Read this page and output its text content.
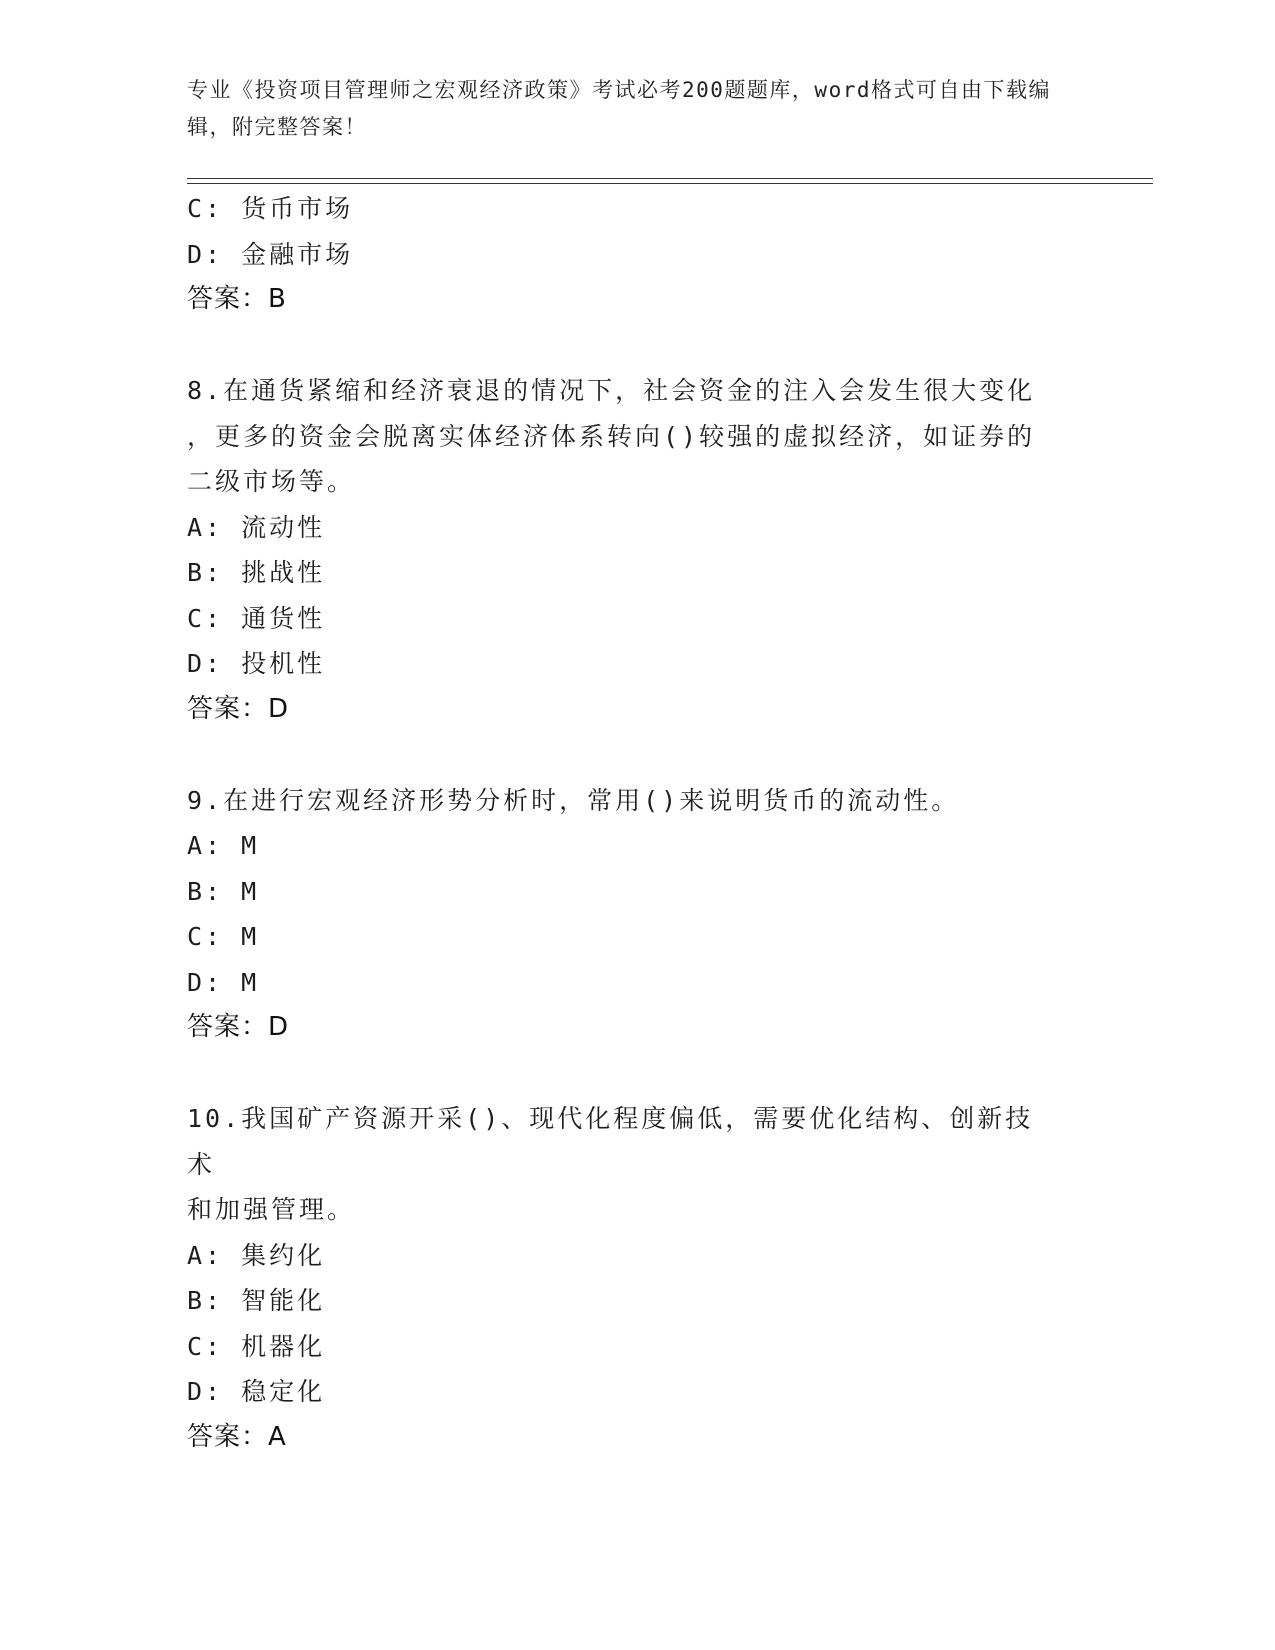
专业《投资项目管理师之宏观经济政策》考试必考200题题库，word格式可自由下载编辑，附完整答案！
C: 货币市场
D: 金融市场
答案：B
8.在通货紧缩和经济衰退的情况下，社会资金的注入会发生很大变化
，更多的资金会脱离实体经济体系转向()较强的虚拟经济，如证券的
二级市场等。
A: 流动性
B: 挑战性
C: 通货性
D: 投机性
答案：D
9.在进行宏观经济形势分析时，常用()来说明货币的流动性。
A: M
B: M
C: M
D: M
答案：D
10.我国矿产资源开采()、现代化程度偏低，需要优化结构、创新技术
和加强管理。
A: 集约化
B: 智能化
C: 机器化
D: 稳定化
答案：A
